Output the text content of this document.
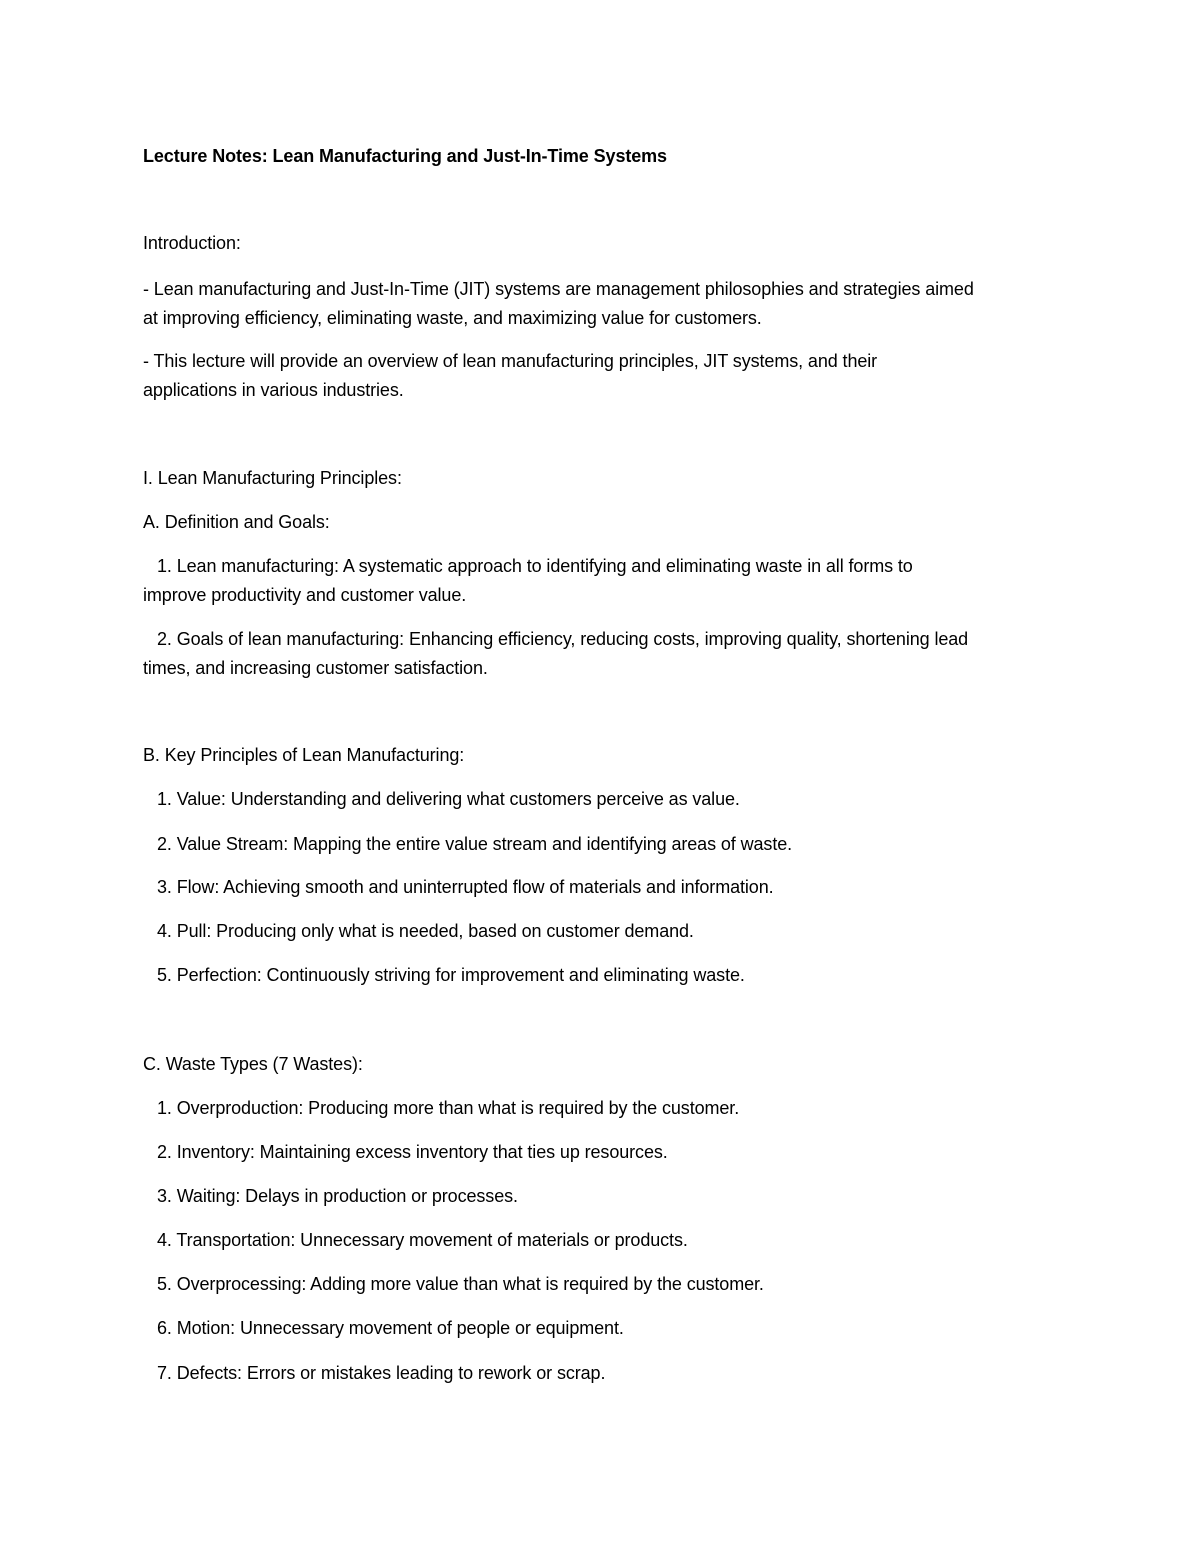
Lecture Notes: Lean Manufacturing and Just-In-Time Systems
Introduction:
- Lean manufacturing and Just-In-Time (JIT) systems are management philosophies and strategies aimed
at improving efficiency, eliminating waste, and maximizing value for customers.
- This lecture will provide an overview of lean manufacturing principles, JIT systems, and their
applications in various industries.
I. Lean Manufacturing Principles:
A. Definition and Goals:
1. Lean manufacturing: A systematic approach to identifying and eliminating waste in all forms to
improve productivity and customer value.
2. Goals of lean manufacturing: Enhancing efficiency, reducing costs, improving quality, shortening lead
times, and increasing customer satisfaction.
B. Key Principles of Lean Manufacturing:
1. Value: Understanding and delivering what customers perceive as value.
2. Value Stream: Mapping the entire value stream and identifying areas of waste.
3. Flow: Achieving smooth and uninterrupted flow of materials and information.
4. Pull: Producing only what is needed, based on customer demand.
5. Perfection: Continuously striving for improvement and eliminating waste.
C. Waste Types (7 Wastes):
1. Overproduction: Producing more than what is required by the customer.
2. Inventory: Maintaining excess inventory that ties up resources.
3. Waiting: Delays in production or processes.
4. Transportation: Unnecessary movement of materials or products.
5. Overprocessing: Adding more value than what is required by the customer.
6. Motion: Unnecessary movement of people or equipment.
7. Defects: Errors or mistakes leading to rework or scrap.
